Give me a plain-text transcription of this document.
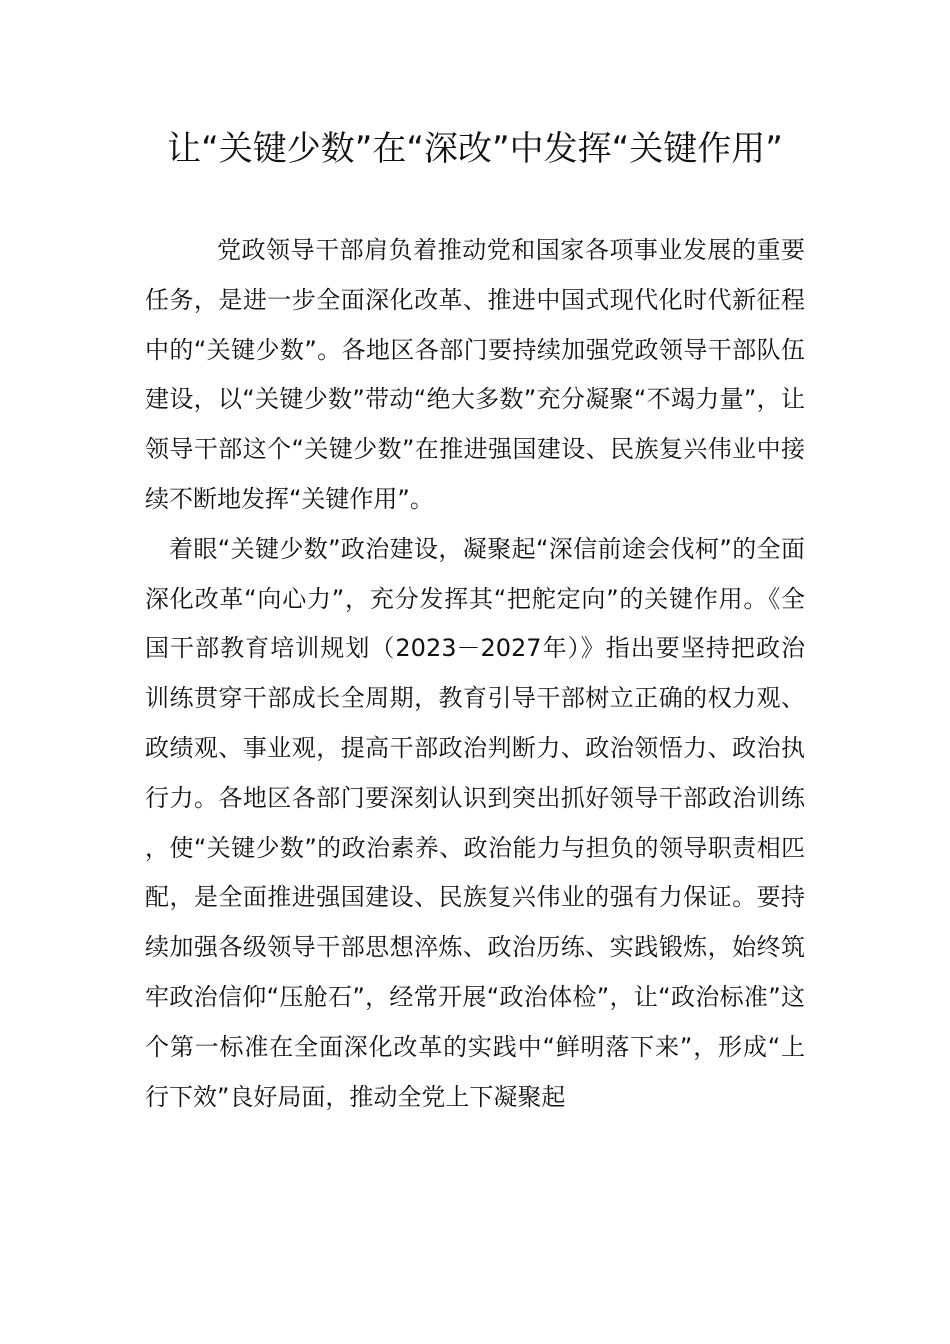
让“关键少数”在“深改”中发挥“关键作用”

党政领导干部肩负着推动党和国家各项事业发展的重要任务，是进一步全面深化改革、推进中国式现代化时代新征程中的“关键少数”。各地区各部门要持续加强党政领导干部队伍建设，以“关键少数”带动“绝大多数”充分凝聚“不竭力量”，让领导干部这个“关键少数”在推进强国建设、民族复兴伟业中接续不断地发挥“关键作用”。

着眼“关键少数”政治建设，凝聚起“深信前途会伐柯”的全面深化改革“向心力”，充分发挥其“把舵定向”的关键作用。《全国干部教育培训规划（2023－2027年）》指出要坚持把政治训练贯穿干部成长全周期，教育引导干部树立正确的权力观、政绩观、事业观，提高干部政治判断力、政治领悟力、政治执行力。各地区各部门要深刻认识到突出抓好领导干部政治训练，使“关键少数”的政治素养、政治能力与担负的领导职责相匹配，是全面推进强国建设、民族复兴伟业的强有力保证。要持续加强各级领导干部思想淬炼、政治历练、实践锻炼，始终筑牢政治信仰“压舱石”，经常开展“政治体检”，让“政治标准”这个第一标准在全面深化改革的实践中“鲜明落下来”，形成“上行下效”良好局面，推动全党上下凝聚起
